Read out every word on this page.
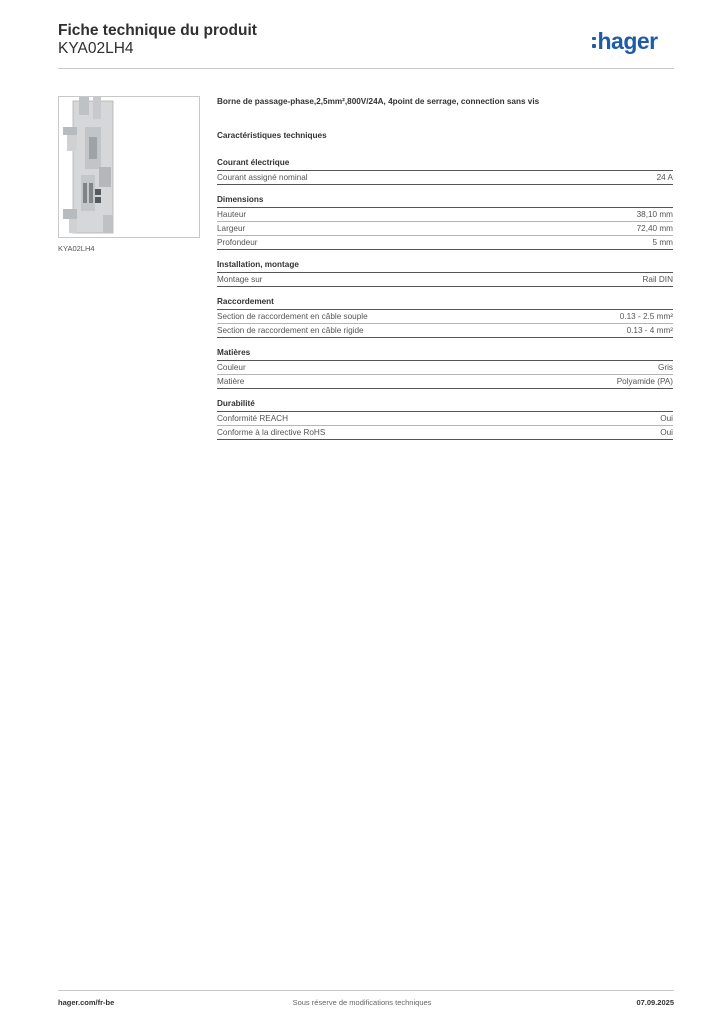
Fiche technique du produit
KYA02LH4	hager
KYA02LH4
Borne de passage-phase,2,5mm²,800V/24A, 4point de serrage, connection sans vis
Caractéristiques techniques
Courant électrique
Courant assigné nominal	24 A
Dimensions
Hauteur	38,10 mm
Largeur	72,40 mm
Profondeur	5 mm
Installation, montage
Montage sur	Rail DIN
Raccordement
Section de raccordement en câble souple	0.13 - 2.5 mm²
Section de raccordement en câble rigide	0.13 - 4 mm²
Matières
Couleur	Gris
Matière	Polyamide (PA)
Durabilité
Conformité REACH	Oui
Conforme à la directive RoHS	Oui
hager.com/fr-be	Sous réserve de modifications techniques	07.09.2025
